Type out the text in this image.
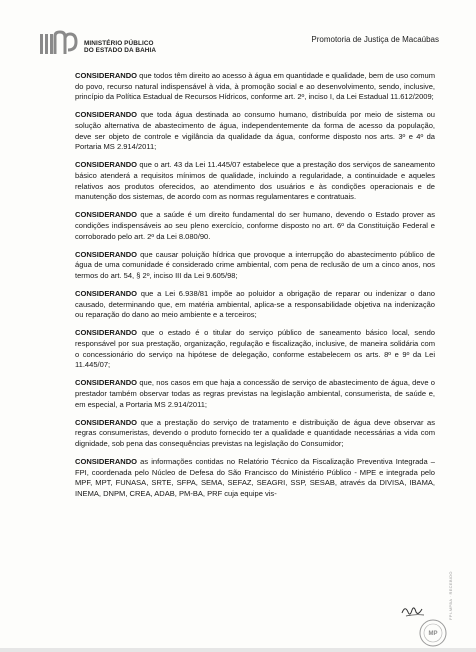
MINISTÉRIO PÚBLICO
DO ESTADO DA BAHIA
Promotoria de Justiça de Macaúbas

CONSIDERANDO que todos têm direito ao acesso à água em quantidade e qualidade, bem de uso comum do povo, recurso natural indispensável à vida, à promoção social e ao desenvolvimento, sendo, inclusive, princípio da Política Estadual de Recursos Hídricos, conforme art. 2º, inciso I, da Lei Estadual 11.612/2009;

CONSIDERANDO que toda água destinada ao consumo humano, distribuída por meio de sistema ou solução alternativa de abastecimento de água, independentemente da forma de acesso da população, deve ser objeto de controle e vigilância da qualidade da água, conforme disposto nos arts. 3º e 4º da Portaria MS 2.914/2011;

CONSIDERANDO que o art. 43 da Lei 11.445/07 estabelece que a prestação dos serviços de saneamento básico atenderá a requisitos mínimos de qualidade, incluindo a regularidade, a continuidade e aqueles relativos aos produtos oferecidos, ao atendimento dos usuários e às condições operacionais e de manutenção dos sistemas, de acordo com as normas regulamentares e contratuais.

CONSIDERANDO que a saúde é um direito fundamental do ser humano, devendo o Estado prover as condições indispensáveis ao seu pleno exercício, conforme disposto no art. 6º da Constituição Federal e corroborado pelo art. 2º da Lei 8.080/90.

CONSIDERANDO que causar poluição hídrica que provoque a interrupção do abastecimento público de água de uma comunidade é considerado crime ambiental, com pena de reclusão de um a cinco anos, nos termos do art. 54, § 2º, inciso III da Lei 9.605/98;

CONSIDERANDO que a Lei 6.938/81 impõe ao poluidor a obrigação de reparar ou indenizar o dano causado, determinando que, em matéria ambiental, aplica-se a responsabilidade objetiva na indenização ou reparação do dano ao meio ambiente e a terceiros;

CONSIDERANDO que o estado é o titular do serviço público de saneamento básico local, sendo responsável por sua prestação, organização, regulação e fiscalização, inclusive, de maneira solidária com o concessionário do serviço na hipótese de delegação, conforme estabelecem os arts. 8º e 9º da Lei 11.445/07;

CONSIDERANDO que, nos casos em que haja a concessão de serviço de abastecimento de água, deve o prestador também observar todas as regras previstas na legislação ambiental, consumerista, de saúde e, em especial, a Portaria MS 2.914/2011;

CONSIDERANDO que a prestação do serviço de tratamento e distribuição de água deve observar as regras consumeristas, devendo o produto fornecido ter a qualidade e quantidade necessárias a vida com dignidade, sob pena das consequências previstas na legislação do Consumidor;

CONSIDERANDO as informações contidas no Relatório Técnico da Fiscalização Preventiva Integrada – FPI, coordenada pelo Núcleo de Defesa do São Francisco do Ministério Público - MPE e integrada pelo MPF, MPT, FUNASA, SRTE, SFPA, SEMA, SEFAZ, SEAGRI, SSP, SESAB, através da DIVISA, IBAMA, INEMA, DNPM, CREA, ADAB, PM-BA, PRF cuja equipe vis-

MP
FPI-MPBA · RECEBIDO
